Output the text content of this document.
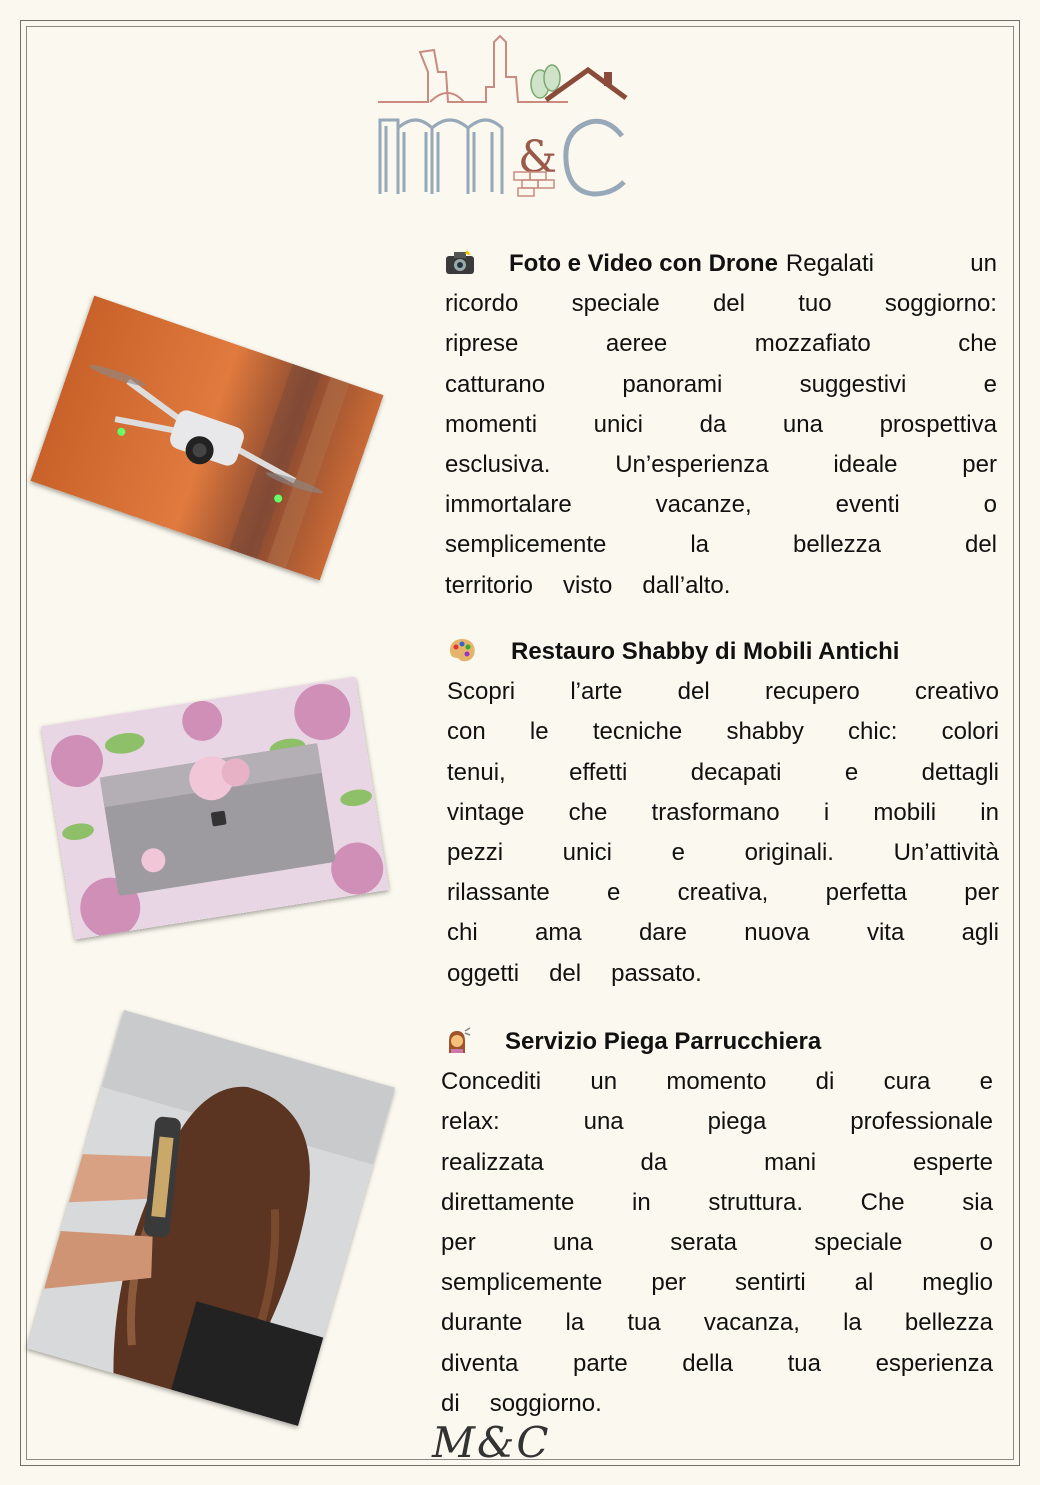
&
Foto e Video con Drone Regalati	un
ricordo speciale del tuo soggiorno:
riprese	aeree	mozzafiato	che
catturano	panorami	suggestivi	e
momenti unici da una prospettiva
esclusiva.	Un’esperienza	ideale	per
immortalare	vacanze,	eventi	o
semplicemente	la	bellezza	del
territorio visto dall’alto.
Restauro Shabby di Mobili Antichi
Scopri l’arte del recupero creativo
con le tecniche shabby chic: colori
tenui,	effetti	decapati	e	dettagli
vintage che trasformano i mobili in
pezzi unici e originali. Un’attività
rilassante e creativa, perfetta per
chi ama dare nuova vita agli
oggetti del passato.
Servizio Piega Parrucchiera
Concediti un momento di cura e
relax:	una	piega	professionale
realizzata	da	mani	esperte
direttamente in struttura. Che sia
per	una	serata	speciale	o
semplicemente per sentirti al meglio
durante la tua vacanza, la bellezza
diventa parte della tua esperienza
di soggiorno.
M&C
